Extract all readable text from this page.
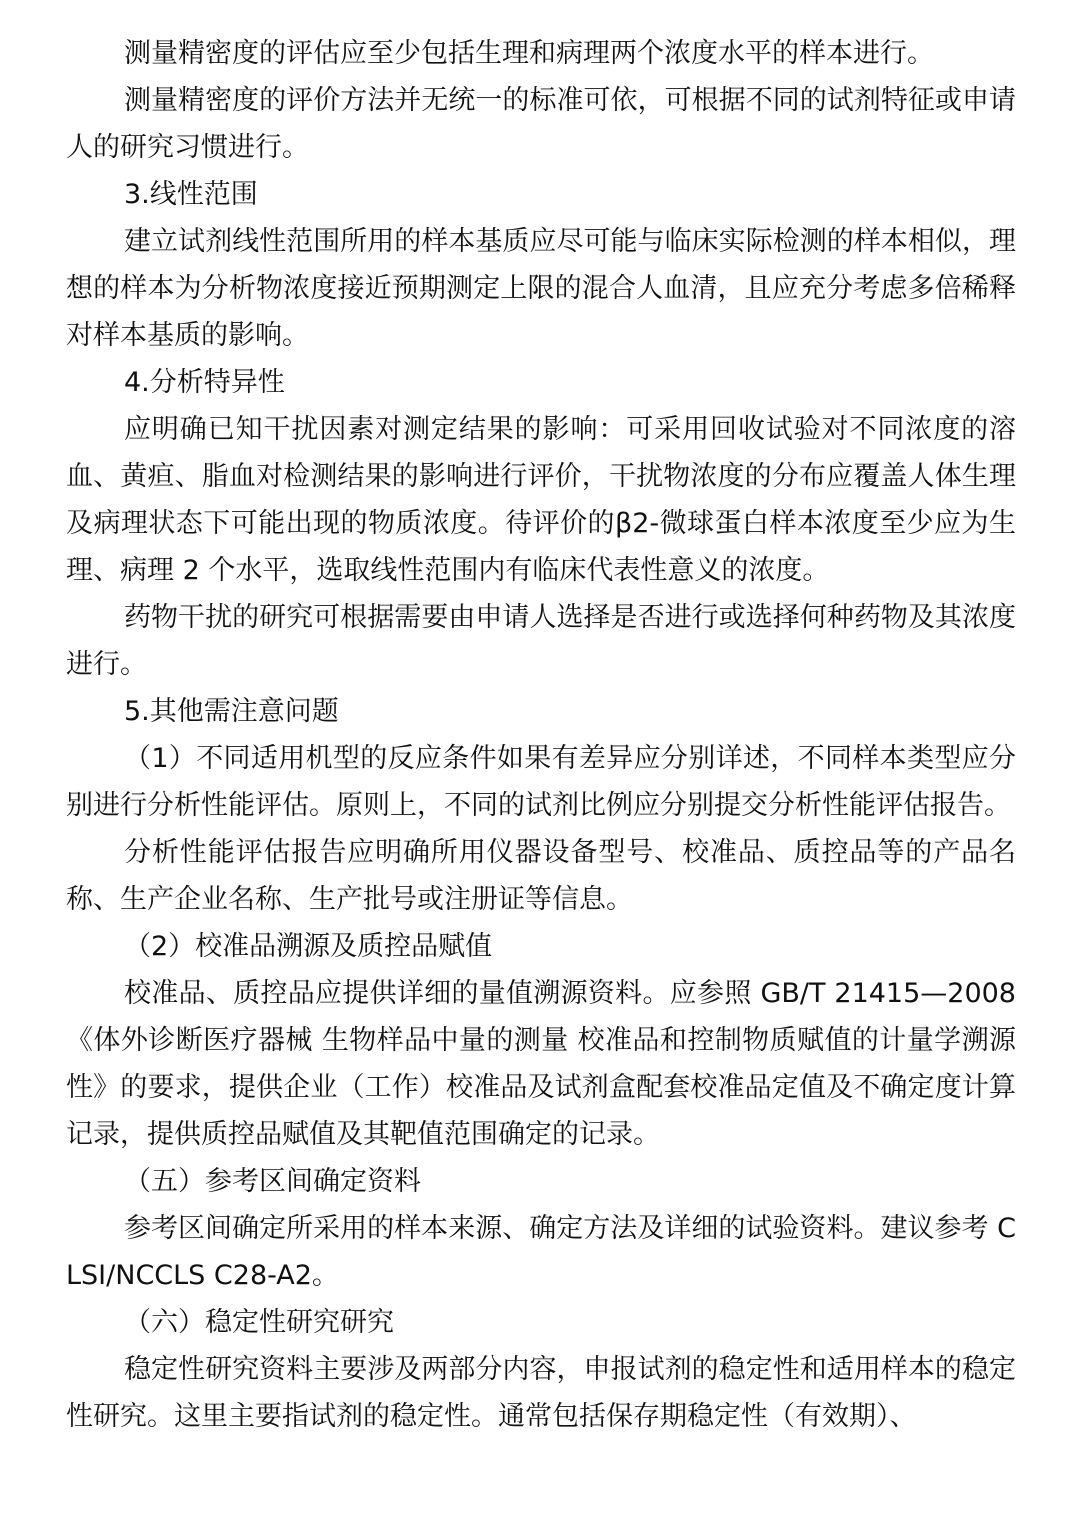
测量精密度的评估应至少包括生理和病理两个浓度水平的样本进行。

测量精密度的评价方法并无统一的标准可依，可根据不同的试剂特征或申请人的研究习惯进行。

3.线性范围

建立试剂线性范围所用的样本基质应尽可能与临床实际检测的样本相似，理想的样本为分析物浓度接近预期测定上限的混合人血清，且应充分考虑多倍稀释对样本基质的影响。

4.分析特异性

应明确已知干扰因素对测定结果的影响：可采用回收试验对不同浓度的溶血、黄疸、脂血对检测结果的影响进行评价，干扰物浓度的分布应覆盖人体生理及病理状态下可能出现的物质浓度。待评价的β2-微球蛋白样本浓度至少应为生理、病理 2 个水平，选取线性范围内有临床代表性意义的浓度。

药物干扰的研究可根据需要由申请人选择是否进行或选择何种药物及其浓度进行。

5.其他需注意问题

（1）不同适用机型的反应条件如果有差异应分别详述，不同样本类型应分别进行分析性能评估。原则上，不同的试剂比例应分别提交分析性能评估报告。

分析性能评估报告应明确所用仪器设备型号、校准品、质控品等的产品名称、生产企业名称、生产批号或注册证等信息。

（2）校准品溯源及质控品赋值

校准品、质控品应提供详细的量值溯源资料。应参照 GB/T 21415—2008《体外诊断医疗器械 生物样品中量的测量 校准品和控制物质赋值的计量学溯源性》的要求，提供企业（工作）校准品及试剂盒配套校准品定值及不确定度计算记录，提供质控品赋值及其靶值范围确定的记录。

（五）参考区间确定资料

参考区间确定所采用的样本来源、确定方法及详细的试验资料。建议参考 CLSI/NCCLS C28-A2。

（六）稳定性研究研究

稳定性研究资料主要涉及两部分内容，申报试剂的稳定性和适用样本的稳定性研究。这里主要指试剂的稳定性。通常包括保存期稳定性（有效期）、
